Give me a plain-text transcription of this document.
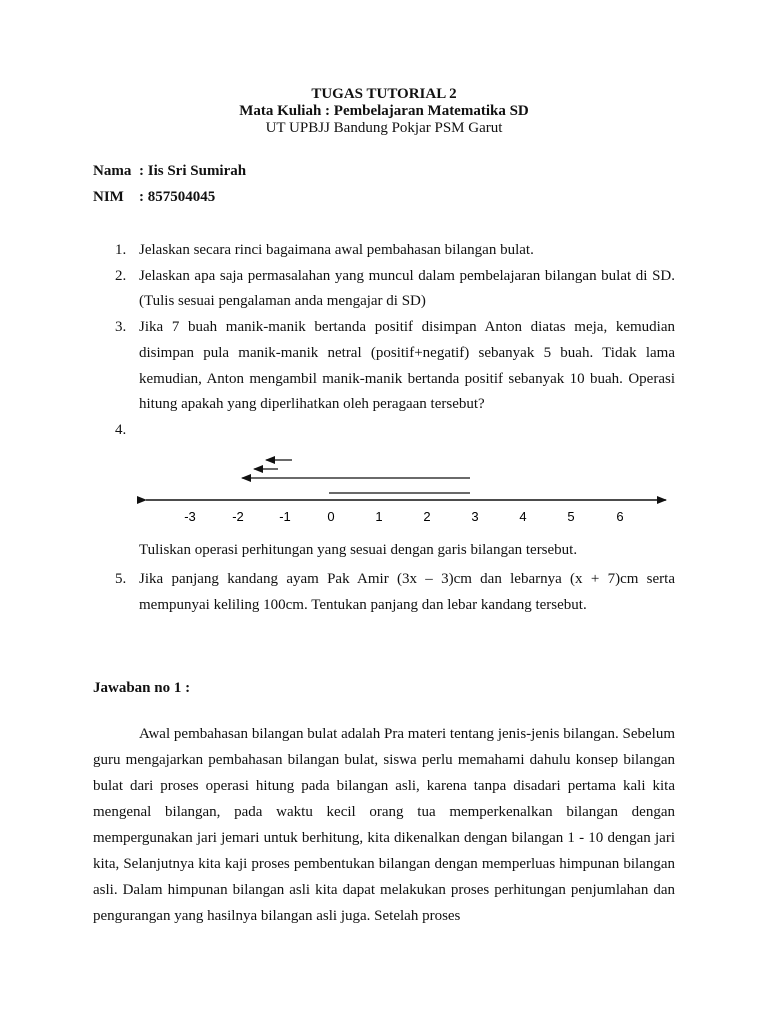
TUGAS TUTORIAL 2
Mata Kuliah : Pembelajaran Matematika SD
UT UPBJJ Bandung Pokjar PSM Garut
Nama : Iis Sri Sumirah
NIM : 857504045
1. Jelaskan secara rinci bagaimana awal pembahasan bilangan bulat.
2. Jelaskan apa saja permasalahan yang muncul dalam pembelajaran bilangan bulat di SD. (Tulis sesuai pengalaman anda mengajar di SD)
3. Jika 7 buah manik-manik bertanda positif disimpan Anton diatas meja, kemudian disimpan pula manik-manik netral (positif+negatif) sebanyak 5 buah. Tidak lama kemudian, Anton mengambil manik-manik bertanda positif sebanyak 10 buah. Operasi hitung apakah yang diperlihatkan oleh peragaan tersebut?
4.
-3	-2	-1	0	1	2	3	4	5	6
Tuliskan operasi perhitungan yang sesuai dengan garis bilangan tersebut.
5. Jika panjang kandang ayam Pak Amir (3x – 3)cm dan lebarnya (x + 7)cm serta mempunyai keliling 100cm. Tentukan panjang dan lebar kandang tersebut.
Jawaban no 1 :
Awal pembahasan bilangan bulat adalah Pra materi tentang jenis-jenis bilangan. Sebelum guru mengajarkan pembahasan bilangan bulat, siswa perlu memahami dahulu konsep bilangan bulat dari proses operasi hitung pada bilangan asli, karena tanpa disadari pertama kali kita mengenal bilangan, pada waktu kecil orang tua memperkenalkan bilangan dengan mempergunakan jari jemari untuk berhitung, kita dikenalkan dengan bilangan 1 - 10 dengan jari kita, Selanjutnya kita kaji proses pembentukan bilangan dengan memperluas himpunan bilangan asli. Dalam himpunan bilangan asli kita dapat melakukan proses perhitungan penjumlahan dan pengurangan yang hasilnya bilangan asli juga. Setelah proses
